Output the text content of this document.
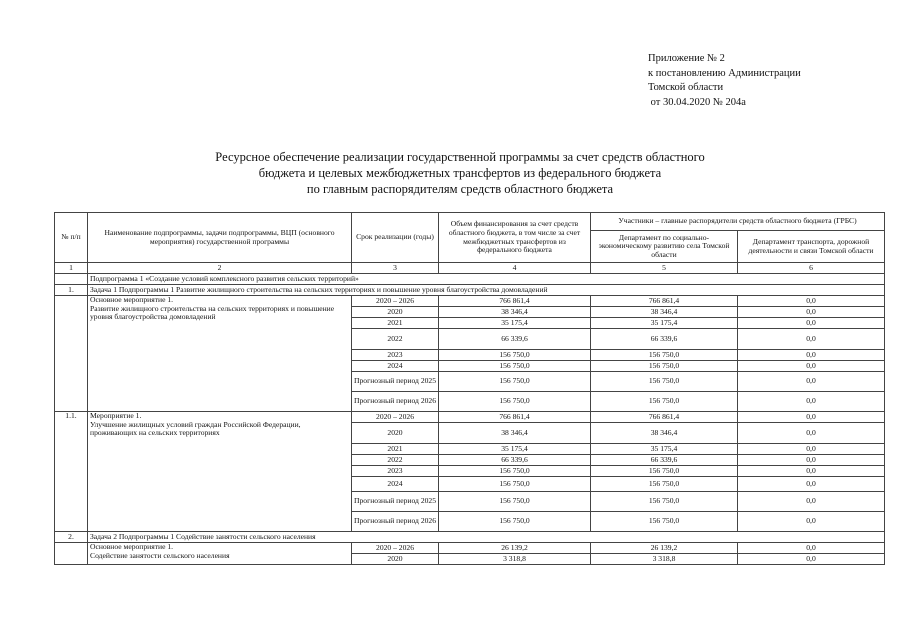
Приложение № 2
к постановлению Администрации
Томской области
от 30.04.2020 № 204а
Ресурсное обеспечение реализации государственной программы за счет средств областного
бюджета и целевых межбюджетных трансфертов из федерального бюджета
по главным распорядителям средств областного бюджета
№ п/п	Наименование подпрограммы, задачи подпрограммы, ВЦП (основного мероприятия) государственной программы	Срок реализации (годы)	Объем финансирования за счет средств областного бюджета, в том числе за счет межбюджетных трансфертов из федерального бюджета	Участники – главные распорядители средств областного бюджета (ГРБС)	
				Департамент по социально-экономическому развитию села Томской области	Департамент транспорта, дорожной деятельности и связи Томской области
1	2	3	4	5	6
	Подпрограмма 1 «Создание условий комплексного развития сельских территорий»				
1.	Задача 1 Подпрограммы 1 Развитие жилищного строительства на сельских территориях и повышение уровня благоустройства домовладений				

	Основное мероприятие 1.
Развитие жилищного строительства на сельских территориях и повышение уровня благоустройства домовладений	2020 – 2026	766 861,4	766 861,4	0,0
		2020	38 346,4	38 346,4	0,0
		2021	35 175,4	35 175,4	0,0
		2022	66 339,6	66 339,6	0,0
		2023	156 750,0	156 750,0	0,0
		2024	156 750,0	156 750,0	0,0
		Прогнозный период 2025	156 750,0	156 750,0	0,0
		Прогнозный период 2026	156 750,0	156 750,0	0,0
1.1.	Мероприятие 1.
Улучшение жилищных условий граждан Российской Федерации, проживающих на сельских территориях	2020 – 2026	766 861,4	766 861,4	0,0
		2020	38 346,4	38 346,4	0,0
		2021	35 175,4	35 175,4	0,0
		2022	66 339,6	66 339,6	0,0
		2023	156 750,0	156 750,0	0,0
		2024	156 750,0	156 750,0	0,0
		Прогнозный период 2025	156 750,0	156 750,0	0,0
		Прогнозный период 2026	156 750,0	156 750,0	0,0
2.	Задача 2 Подпрограммы 1 Содействие занятости сельского населения				

	Основное мероприятие 1.
Содействие занятости сельского населения	2020 – 2026	26 139,2	26 139,2	0,0
		2020	3 318,8	3 318,8	0,0
